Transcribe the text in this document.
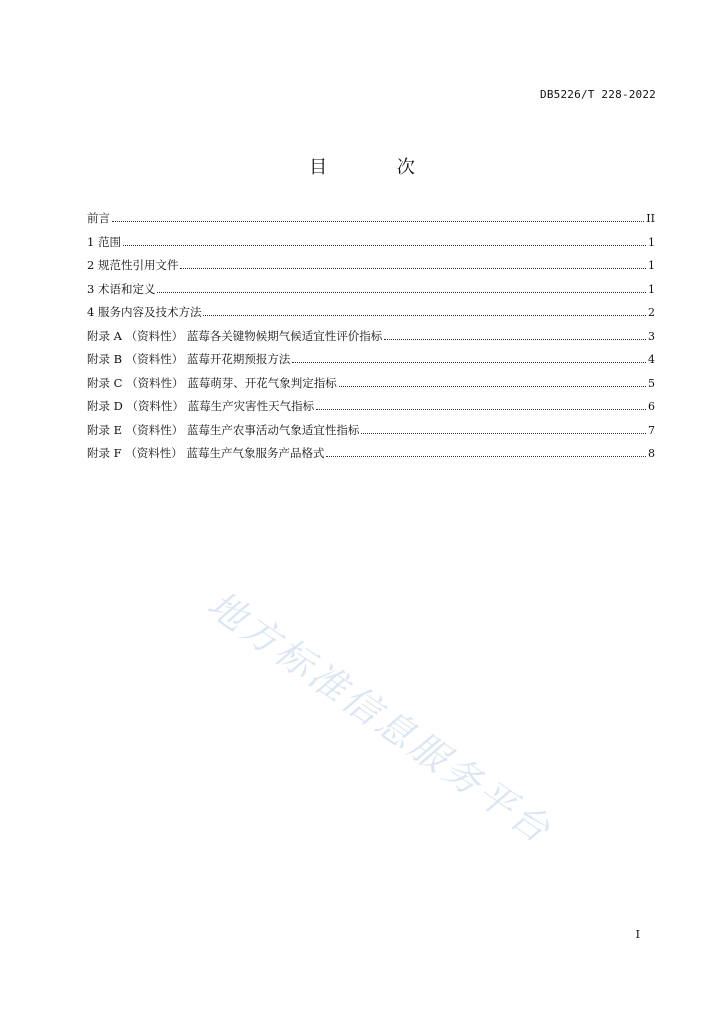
DB5226/T 228-2022
目 次
前言	II
1 范围	1
2 规范性引用文件	1
3 术语和定义	1
4 服务内容及技术方法	2
附录 A （资料性） 蓝莓各关键物候期气候适宜性评价指标	3
附录 B （资料性） 蓝莓开花期预报方法	4
附录 C （资料性） 蓝莓萌芽、开花气象判定指标	5
附录 D （资料性） 蓝莓生产灾害性天气指标	6
附录 E （资料性） 蓝莓生产农事活动气象适宜性指标	7
附录 F （资料性） 蓝莓生产气象服务产品格式	8
地方标准信息服务平台
I
